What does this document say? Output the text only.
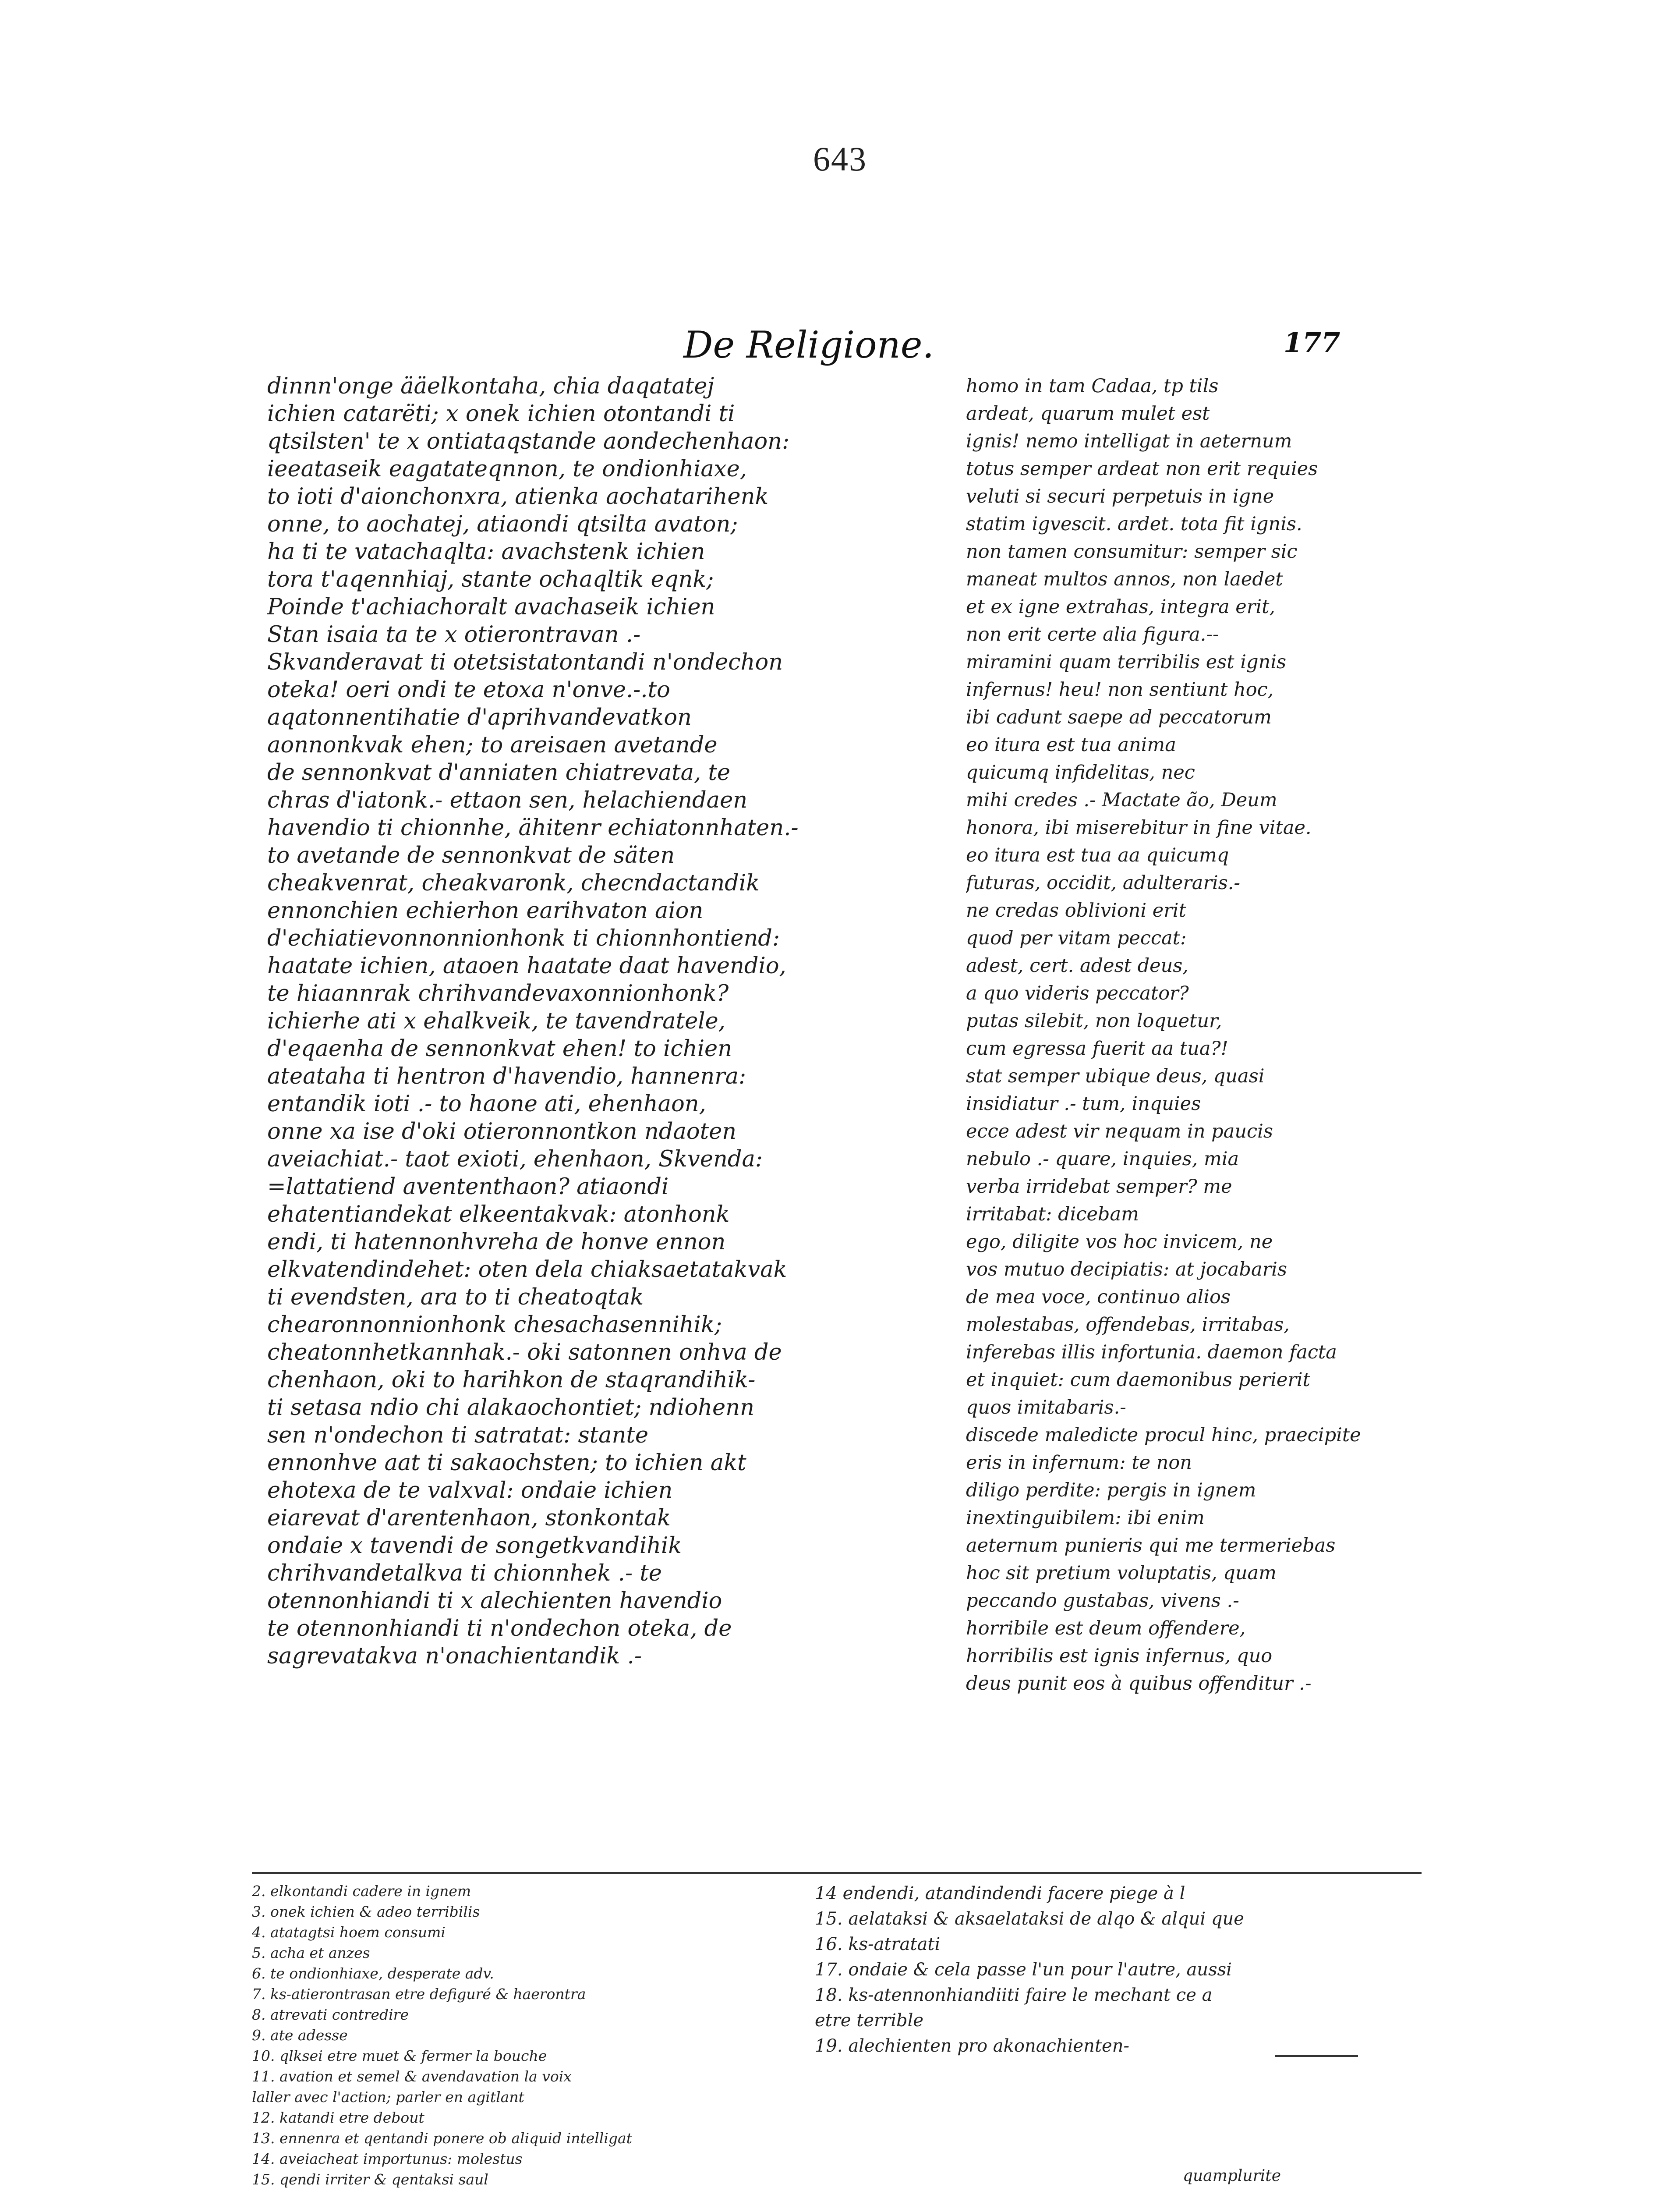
643
De Religione.	177
dinnn'onge ääelkontaha, chia daqatatej
ichien catarëti; x onek ichien otontandi ti
qtsilsten' te x ontiataqstande aondechenhaon:
ieeataseik eagatateqnnon, te ondionhiaxe,
to ioti d'aionchonxra, atienka aochatarihenk
onne, to aochatej, atiaondi qtsilta avaton;
ha ti te vatachaqlta: avachstenk ichien
tora t'aqennhiaj, stante ochaqltik eqnk;
Poinde t'achiachoralt avachaseik ichien
Stan isaia ta te x otierontravan .-
Skvanderavat ti otetsistatontandi n'ondechon
oteka! oeri ondi te etoxa n'onve.-.to
aqatonnentihatie d'aprihvandevatkon
aonnonkvak ehen; to areisaen avetande
de sennonkvat d'anniaten chiatrevata, te
chras d'iatonk.- ettaon sen, helachiendaen
havendio ti chionnhe, ähitenr echiatonnhaten.-
to avetande de sennonkvat de säten
cheakvenrat, cheakvaronk, checndactandik
ennonchien echierhon earihvaton aion
d'echiatievonnonnionhonk ti chionnhontiend:
haatate ichien, ataoen haatate daat havendio,
te hiaannrak chrihvandevaxonnionhonk?
ichierhe ati x ehalkveik, te tavendratele,
d'eqaenha de sennonkvat ehen! to ichien
ateataha ti hentron d'havendio, hannenra:
entandik ioti .- to haone ati, ehenhaon,
onne xa ise d'oki otieronnontkon ndaoten
aveiachiat.- taot exioti, ehenhaon, Skvenda:
=lattatiend avententhaon? atiaondi
ehatentiandekat elkeentakvak: atonhonk
endi, ti hatennonhvreha de honve ennon
elkvatendindehet: oten dela chiaksaetatakvak
ti evendsten, ara to ti cheatoqtak
chearonnonnionhonk chesachasennihik;
cheatonnhetkannhak.- oki satonnen onhva de
chenhaon, oki to harihkon de staqrandihik-
ti setasa ndio chi alakaochontiet; ndiohenn
sen n'ondechon ti satratat: stante
ennonhve aat ti sakaochsten; to ichien akt
ehotexa de te valxval: ondaie ichien
eiarevat d'arentenhaon, stonkontak
ondaie x tavendi de songetkvandihik
chrihvandetalkva ti chionnhek .- te
otennonhiandi ti x alechienten havendio
te otennonhiandi ti n'ondechon oteka, de
sagrevatakva n'onachientandik .-
homo in tam Cadaa, tp tils
ardeat, quarum mulet est
ignis! nemo intelligat in aeternum
totus semper ardeat non erit requies
veluti si securi perpetuis in igne
statim igvescit. ardet. tota fit ignis.
non tamen consumitur: semper sic
maneat multos annos, non laedet
et ex igne extrahas, integra erit,
non erit certe alia figura.--
miramini quam terribilis est ignis
infernus! heu! non sentiunt hoc,
ibi cadunt saepe ad peccatorum
eo itura est tua anima
quicumq infidelitas, nec
mihi credes .- Mactate ão, Deum
honora, ibi miserebitur in fine vitae.
eo itura est tua aa quicumq
futuras, occidit, adulteraris.-
ne credas oblivioni erit
quod per vitam peccat:
adest, cert. adest deus,
a quo videris peccator?
putas silebit, non loquetur,
cum egressa fuerit aa tua?!
stat semper ubique deus, quasi
insidiatur .- tum, inquies
ecce adest vir nequam in paucis
nebulo .- quare, inquies, mia
verba irridebat semper? me
irritabat: dicebam
ego, diligite vos hoc invicem, ne
vos mutuo decipiatis: at jocabaris
de mea voce, continuo alios
molestabas, offendebas, irritabas,
inferebas illis infortunia. daemon facta
et inquiet: cum daemonibus perierit
quos imitabaris.-
discede maledicte procul hinc, praecipite
eris in infernum: te non
diligo perdite: pergis in ignem
inextinguibilem: ibi enim
aeternum punieris qui me termeriebas
hoc sit pretium voluptatis, quam
peccando gustabas, vivens .-
horribile est deum offendere,
horribilis est ignis infernus, quo
deus punit eos à quibus offenditur .-
2. elkontandi cadere in ignem
3. onek ichien & adeo terribilis
4. atatagtsi hoem consumi
5. acha et anzes
6. te ondionhiaxe, desperate adv.
7. ks-atierontrasan etre defiguré & haerontra
8. atrevati contredire
9. ate adesse
10. qlksei etre muet & fermer la bouche
11. avation et semel & avendavation la voix
laller avec l'action; parler en agitlant
12. katandi etre debout
13. ennenra et qentandi ponere ob aliquid intelligat
14. aveiacheat importunus: molestus
15. qendi irriter & qentaksi saul
14 endendi, atandindendi facere piege à l
15. aelataksi & aksaelataksi de alqo & alqui que
16. ks-atratati
17. ondaie & cela passe l'un pour l'autre, aussi
18. ks-atennonhiandiiti faire le mechant ce a
etre terrible
19. alechienten pro akonachienten-
quamplurite
